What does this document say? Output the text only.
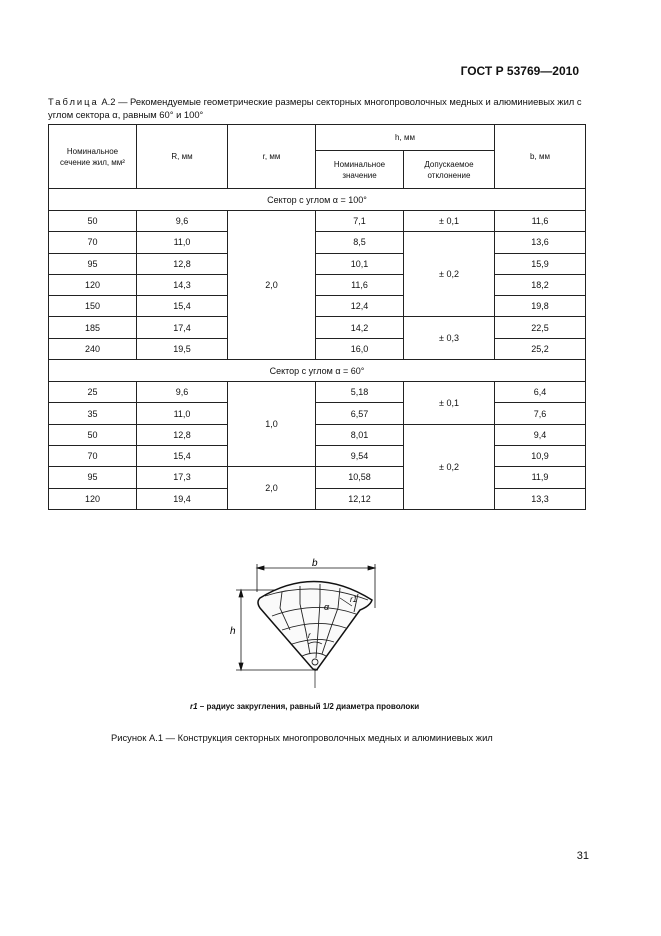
ГОСТ Р 53769—2010
Таблица А.2 — Рекомендуемые геометрические размеры секторных многопроволочных медных и алюминиевых жил с углом сектора α, равным 60° и 100°
Номинальное сечение жил, мм²	R, мм	r, мм	h, мм		b, мм
			Номинальное значение	Допускаемое отклонение	
Сектор с углом α = 100°					
50	9,6	2,0	7,1	± 0,1	11,6
70	11,0		8,5	± 0,2	13,6
95	12,8		10,1		15,9
120	14,3		11,6		18,2
150	15,4		12,4		19,8
185	17,4		14,2	± 0,3	22,5
240	19,5		16,0		25,2
Сектор с углом α = 60°					
25	9,6	1,0	5,18	± 0,1	6,4
35	11,0		6,57		7,6
50	12,8		8,01	± 0,2	9,4
70	15,4		9,54		10,9
95	17,3	2,0	10,58		11,9
120	19,4		12,12		13,3
b
h
r1
α
r
r1 – радиус закругления, равный 1/2 диаметра проволоки
Рисунок А.1 — Конструкция секторных многопроволочных медных и алюминиевых жил
31
